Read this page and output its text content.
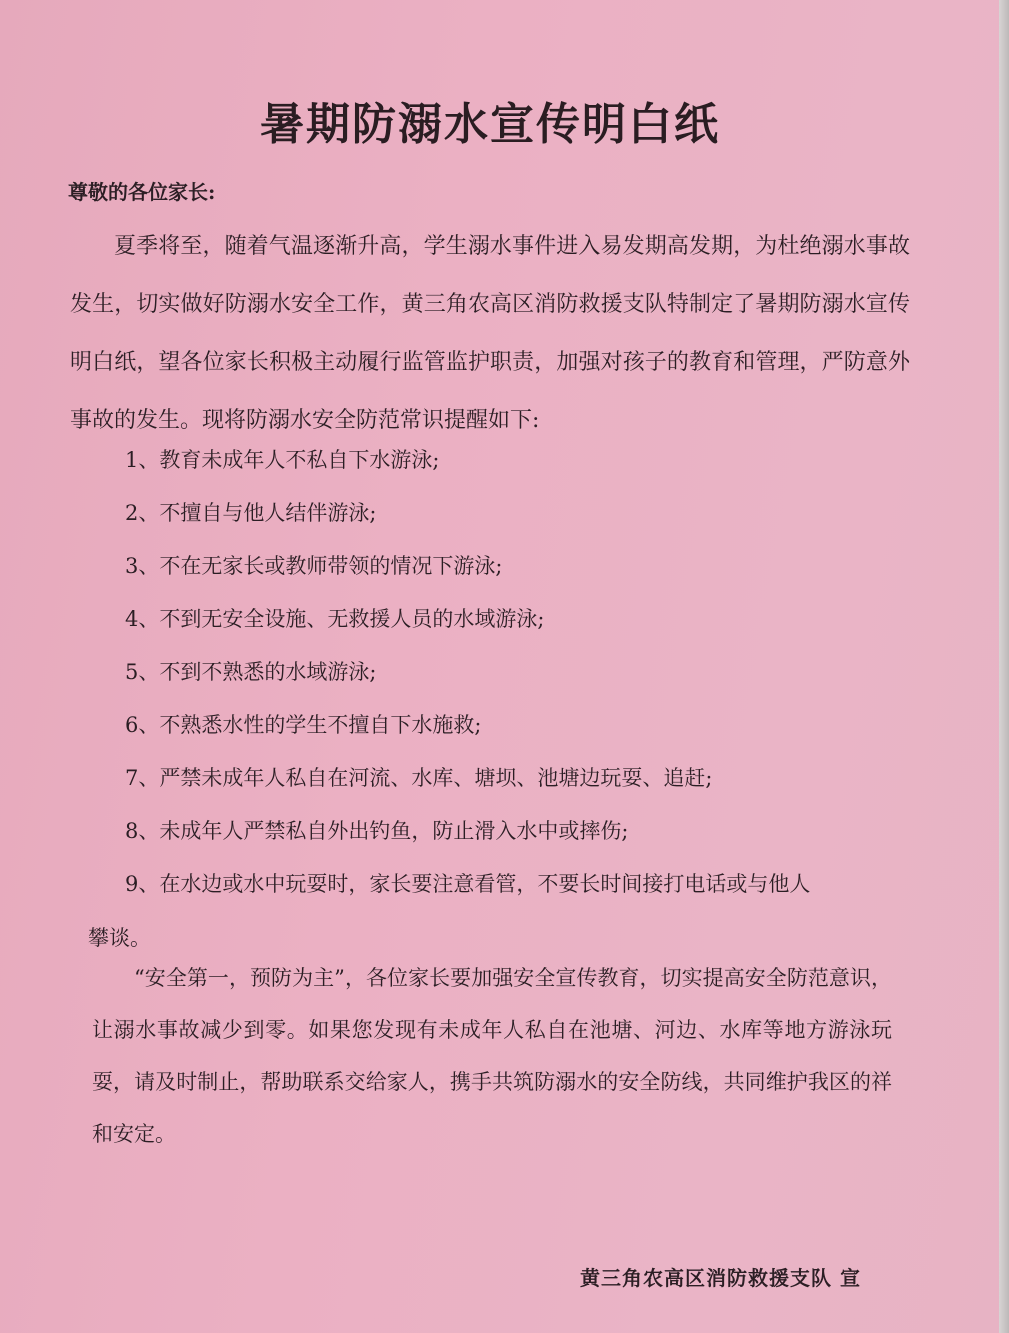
暑期防溺水宣传明白纸
尊敬的各位家长:
夏季将至，随着气温逐渐升高，学生溺水事件进入易发期高发期，为杜绝溺水事故发生，切实做好防溺水安全工作，黄三角农高区消防救援支队特制定了暑期防溺水宣传明白纸，望各位家长积极主动履行监管监护职责，加强对孩子的教育和管理，严防意外事故的发生。现将防溺水安全防范常识提醒如下:
1、教育未成年人不私自下水游泳;
2、不擅自与他人结伴游泳;
3、不在无家长或教师带领的情况下游泳;
4、不到无安全设施、无救援人员的水域游泳;
5、不到不熟悉的水域游泳;
6、不熟悉水性的学生不擅自下水施救;
7、严禁未成年人私自在河流、水库、塘坝、池塘边玩耍、追赶;
8、未成年人严禁私自外出钓鱼，防止滑入水中或摔伤;
9、在水边或水中玩耍时，家长要注意看管，不要长时间接打电话或与他人
攀谈。
“安全第一，预防为主”，各位家长要加强安全宣传教育，切实提高安全防范意识，让溺水事故减少到零。如果您发现有未成年人私自在池塘、河边、水库等地方游泳玩耍，请及时制止，帮助联系交给家人，携手共筑防溺水的安全防线，共同维护我区的祥和安定。
黄三角农高区消防救援支队 宣
